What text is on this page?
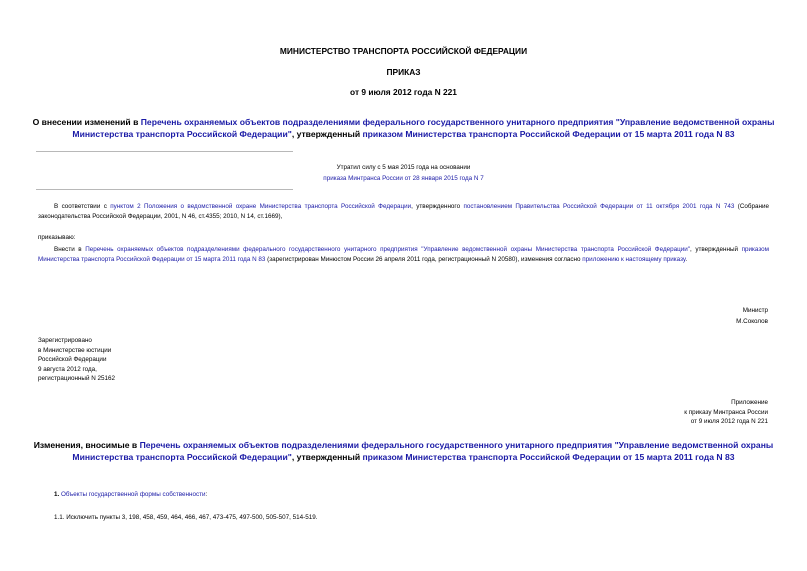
МИНИСТЕРСТВО ТРАНСПОРТА РОССИЙСКОЙ ФЕДЕРАЦИИ
ПРИКАЗ
от 9 июля 2012 года N 221
О внесении изменений в Перечень охраняемых объектов подразделениями федерального государственного унитарного предприятия "Управление ведомственной охраны Министерства транспорта Российской Федерации", утвержденный приказом Министерства транспорта Российской Федерации от 15 марта 2011 года N 83
Утратил силу с 5 мая 2015 года на основании
приказа Минтранса России от 28 января 2015 года N 7
В соответствии с пунктом 2 Положения о ведомственной охране Министерства транспорта Российской Федерации, утвержденного постановлением Правительства Российской Федерации от 11 октября 2001 года N 743 (Собрание законодательства Российской Федерации, 2001, N 46, ст.4355; 2010, N 14, ст.1669),
приказываю:
Внести в Перечень охраняемых объектов подразделениями федерального государственного унитарного предприятия "Управление ведомственной охраны Министерства транспорта Российской Федерации", утвержденный приказом Министерства транспорта Российской Федерации от 15 марта 2011 года N 83 (зарегистрирован Минюстом России 26 апреля 2011 года, регистрационный N 20580), изменения согласно приложению к настоящему приказу.
Министр
М.Соколов
Зарегистрировано
в Министерстве юстиции
Российской Федерации
9 августа 2012 года,
регистрационный N 25162
Приложение
к приказу Минтранса России
от 9 июля 2012 года N 221
Изменения, вносимые в Перечень охраняемых объектов подразделениями федерального государственного унитарного предприятия "Управление ведомственной охраны Министерства транспорта Российской Федерации", утвержденный приказом Министерства транспорта Российской Федерации от 15 марта 2011 года N 83
1. Объекты государственной формы собственности:
1.1. Исключить пункты 3, 198, 458, 459, 464, 466, 467, 473-475, 497-500, 505-507, 514-519.
